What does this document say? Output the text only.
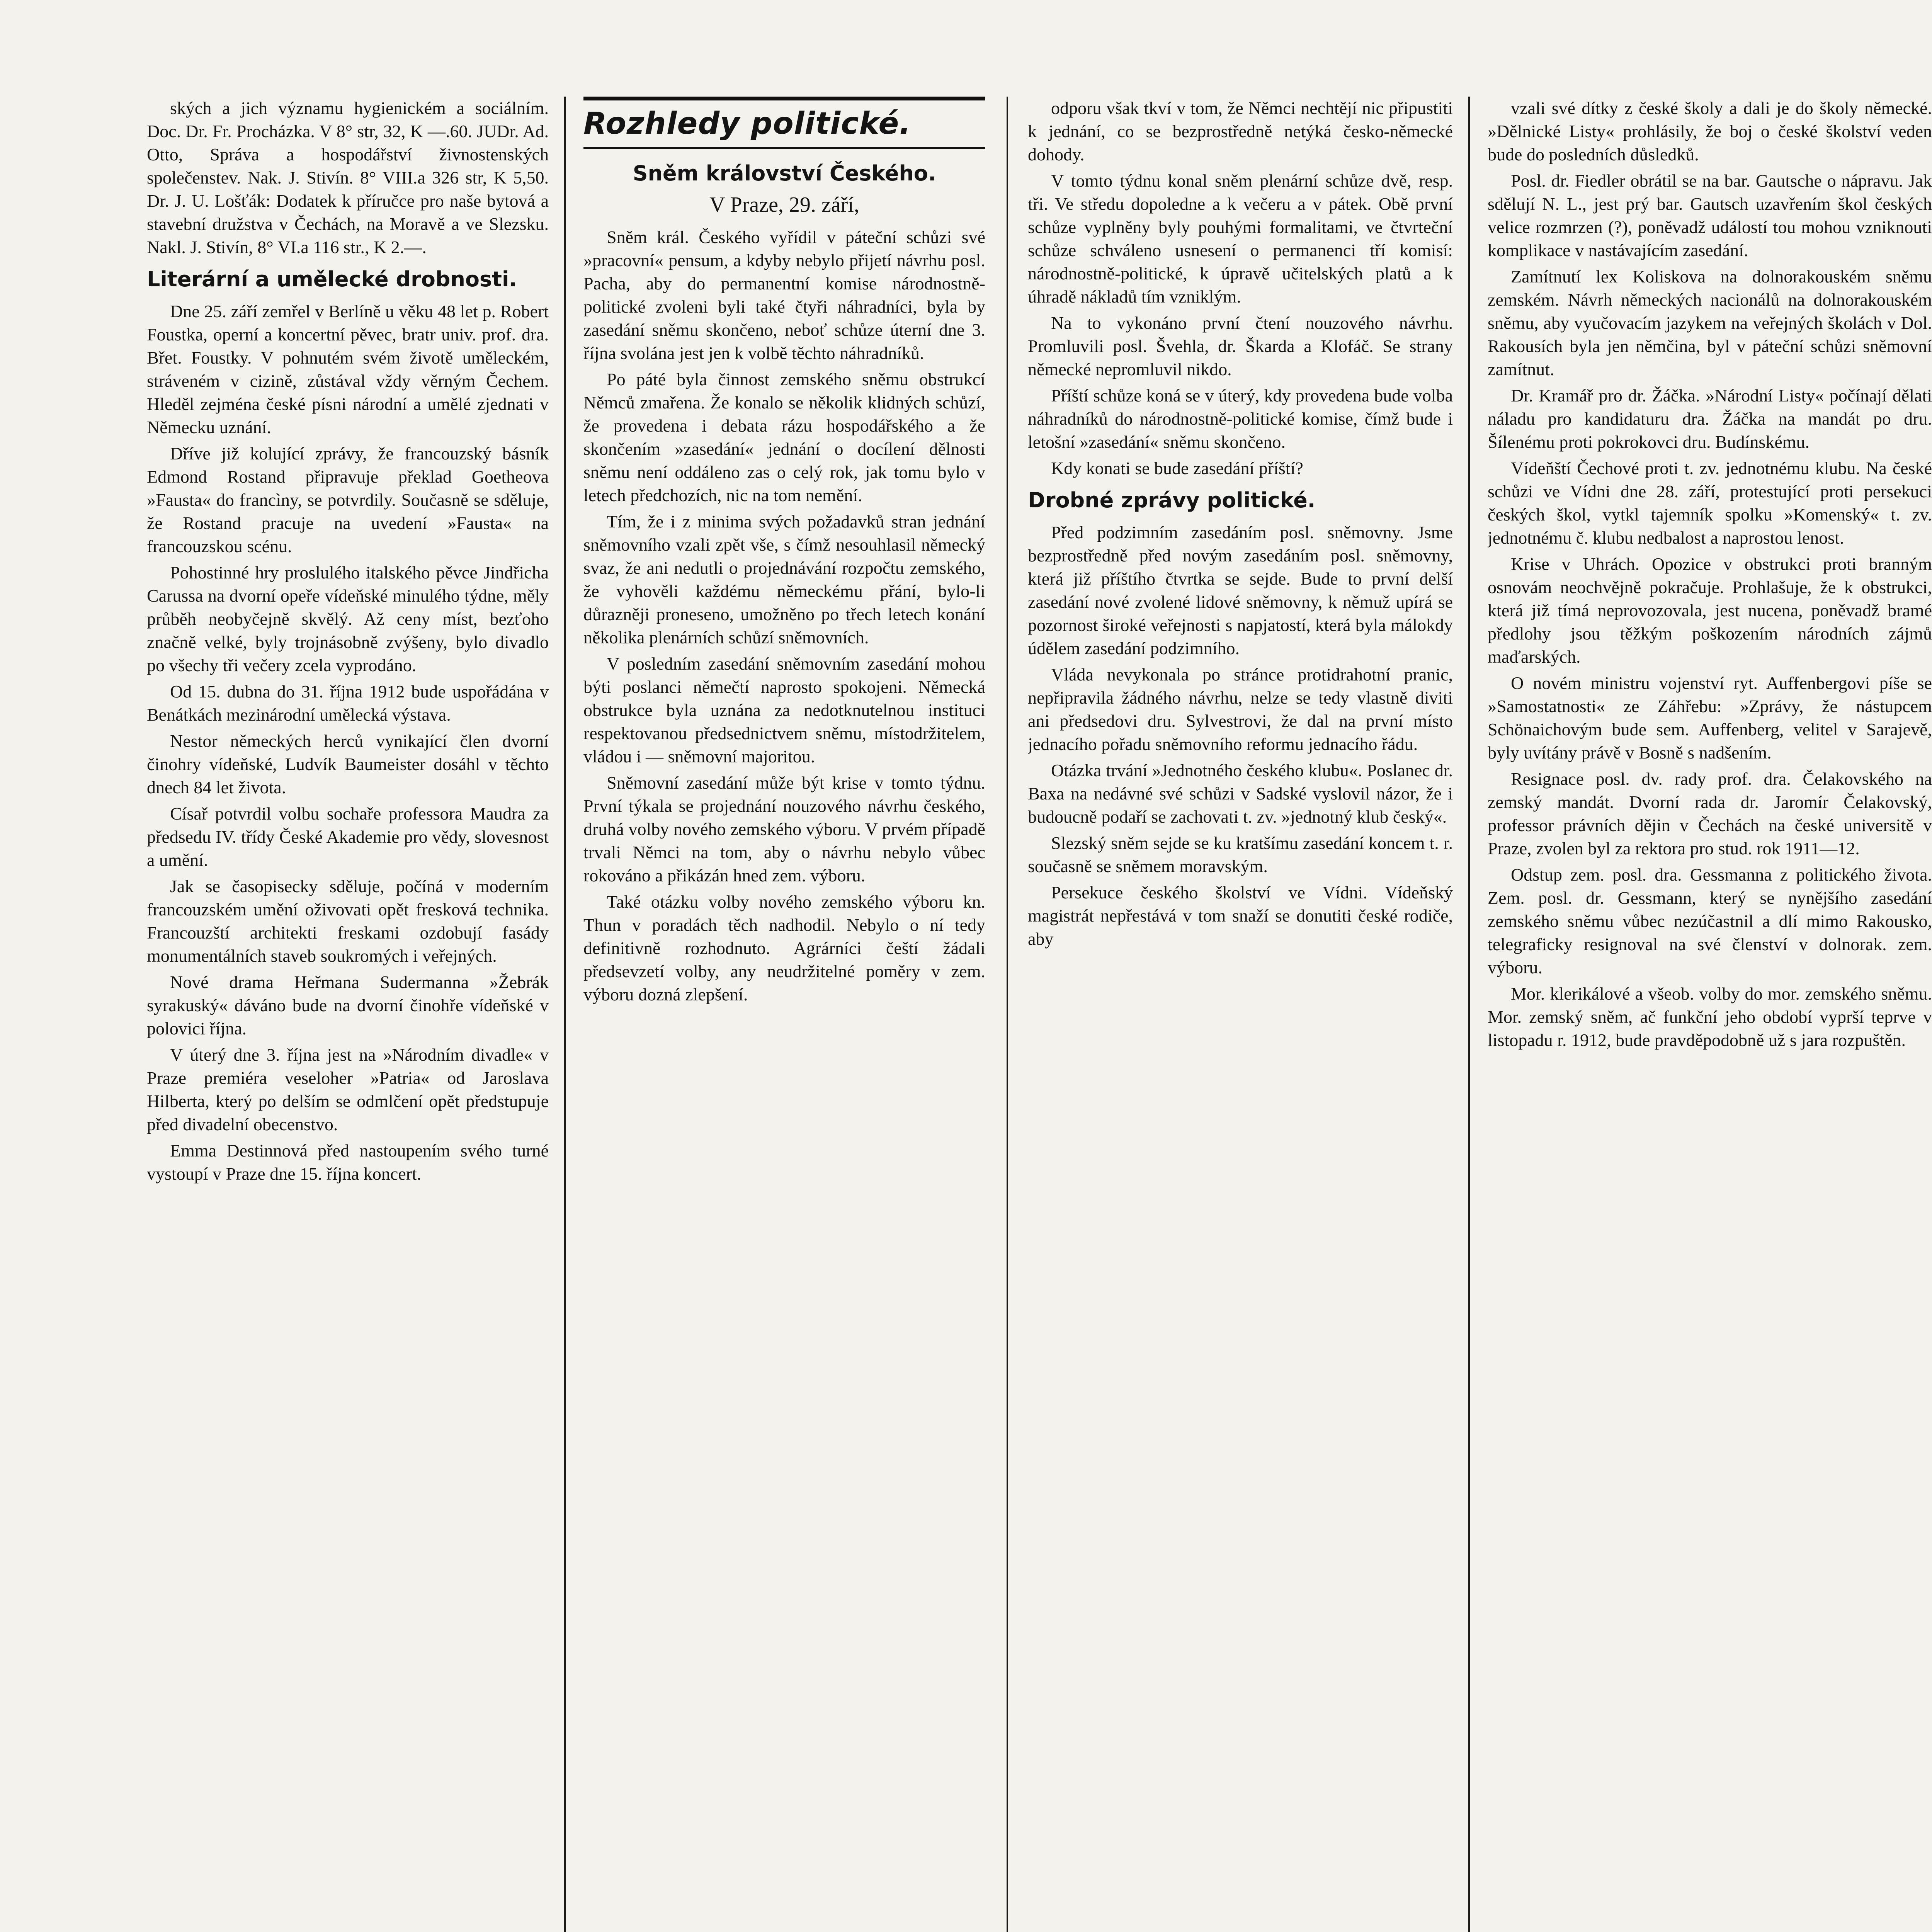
ských a jich významu hygienickém a sociálním. Doc. Dr. Fr. Procházka. V 8° str, 32, K —.60. JUDr. Ad. Otto, Správa a hospodářství živnostenských společenstev. Nak. J. Stivín. 8° VIII.a 326 str, K 5,50. Dr. J. U. Lošťák: Dodatek k příručce pro naše bytová a stavební družstva v Čechách, na Moravě a ve Slezsku. Nakl. J. Stivín, 8° VI.a 116 str., K 2.—.

Literární a umělecké drobnosti.

Dne 25. září zemřel v Berlíně u věku 48 let p. Robert Foustka, operní a koncertní pěvec, bratr univ. prof. dra. Břet. Foustky. V pohnutém svém životě uměleckém, stráveném v cizině, zůstával vždy věrným Čechem. Hleděl zejména české písni národní a umělé zjednati v Německu uznání.

Dříve již kolující zprávy, že francouzský básník Edmond Rostand připravuje překlad Goetheova »Fausta« do francìny, se potvrdily. Současně se sděluje, že Rostand pracuje na uvedení »Fausta« na francouzskou scénu.

Pohostinné hry proslulého italského pěvce Jindřicha Carussa na dvorní opeře vídeňské minulého týdne, měly průběh neobyčejně skvělý. Až ceny míst, bezťoho značně velké, byly trojnásobně zvýšeny, bylo divadlo po všechy tři večery zcela vyprodáno.

Od 15. dubna do 31. října 1912 bude uspořádána v Benátkách mezinárodní umělecká výstava.

Nestor německých herců vynikající člen dvorní činohry vídeňské, Ludvík Baumeister dosáhl v těchto dnech 84 let života.

Císař potvrdil volbu sochaře professora Maudra za předsedu IV. třídy České Akademie pro vědy, slovesnost a umění.

Jak se časopisecky sděluje, počíná v moderním francouzském umění oživovati opět fresková technika. Francouzští architekti freskami ozdobují fasády monumentálních staveb soukromých i veřejných.

Nové drama Heřmana Sudermanna »Žebrák syrakuský« dáváno bude na dvorní činohře vídeňské v polovici října.

V úterý dne 3. října jest na »Národním divadle« v Praze premiéra veseloher »Patria« od Jaroslava Hilberta, který po delším se odmlčení opět předstupuje před divadelní obecenstvo.

Emma Destinnová před nastoupením svého turné vystoupí v Praze dne 15. října koncert.

Rozhledy politické.
Sněm království Českého.
V Praze, 29. září,

Sněm král. Českého vyřídil v páteční schůzi své »pracovní« pensum, a kdyby nebylo přijetí návrhu posl. Pacha, aby do permanentní komise národnostně-politické zvoleni byli také čtyři náhradníci, byla by zasedání sněmu skončeno, neboť schůze úterní dne 3. října svolána jest jen k volbě těchto náhradníků.

Po páté byla činnost zemského sněmu obstrukcí Němců zmařena. Že konalo se několik klidných schůzí, že provedena i debata rázu hospodářského a že skončením »zasedání« jednání o docílení dělnosti sněmu není oddáleno zas o celý rok, jak tomu bylo v letech předchozích, nic na tom nemění.

Tím, že i z minima svých požadavků stran jednání sněmovního vzali zpět vše, s čímž nesouhlasil německý svaz, že ani nedutli o projednávání rozpočtu zemského, že vyhověli každému německému přání, bylo-li důrazněji proneseno, umožněno po třech letech konání několika plenárních schůzí sněmovních.

V posledním zasedání sněmovním zasedání mohou býti poslanci němečtí naprosto spokojeni. Německá obstrukce byla uznána za nedotknutelnou instituci respektovanou předsednictvem sněmu, místodržitelem, vládou i — sněmovní majoritou.

Sněmovní zasedání může být krise v tomto týdnu. První týkala se projednání nouzového návrhu českého, druhá volby nového zemského výboru. V prvém případě trvali Němci na tom, aby o návrhu nebylo vůbec rokováno a přikázán hned zem. výboru.

Také otázku volby nového zemského výboru kn. Thun v poradách těch nadhodil. Nebylo o ní tedy definitivně rozhodnuto. Agrárníci čeští žádali předsevzetí volby, any neudržitelné poměry v zem. výboru dozná zlepšení.

odporu však tkví v tom, že Němci nechtějí nic připustiti k jednání, co se bezprostředně netýká česko-německé dohody.

V tomto týdnu konal sněm plenární schůze dvě, resp. tři. Ve středu dopoledne a k večeru a v pátek. Obě první schůze vyplněny byly pouhými formalitami, ve čtvrteční schůze schváleno usnesení o permanenci tří komisí: národnostně-politické, k úpravě učitelských platů a k úhradě nákladů tím vzniklým.

Na to vykonáno první čtení nouzového návrhu. Promluvili posl. Švehla, dr. Škarda a Klofáč. Se strany německé nepromluvil nikdo.

Příští schůze koná se v úterý, kdy provedena bude volba náhradníků do národnostně-politické komise, čímž bude i letošní »zasedání« sněmu skončeno.

Kdy konati se bude zasedání příští?

Drobné zprávy politické.

Před podzimním zasedáním posl. sněmovny. Jsme bezprostředně před novým zasedáním posl. sněmovny, která již příštího čtvrtka se sejde. Bude to první delší zasedání nové zvolené lidové sněmovny, k němuž upírá se pozornost široké veřejnosti s napjatostí, která byla málokdy údělem zasedání podzimního.

Vláda nevykonala po stránce protidrahotní pranic, nepřipravila žádného návrhu, nelze se tedy vlastně diviti ani předsedovi dru. Sylvestrovi, že dal na první místo jednacího pořadu sněmovního reformu jednacího řádu.

Otázka trvání »Jednotného českého klubu«. Poslanec dr. Baxa na nedávné své schůzi v Sadské vyslovil názor, že i budoucně podaří se zachovati t. zv. »jednotný klub český«.

Slezský sněm sejde se ku kratšímu zasedání koncem t. r. současně se sněmem moravským.

Persekuce českého školství ve Vídni. Vídeňský magistrát nepřestává v tom snaží se donutiti české rodiče, aby

vzali své dítky z české školy a dali je do školy německé. »Dělnické Listy« prohlásily, že boj o české školství veden bude do posledních důsledků.

Posl. dr. Fiedler obrátil se na bar. Gautsche o nápravu. Jak sdělují N. L., jest prý bar. Gautsch uzavřením škol českých velice rozmrzen (?), poněvadž událostí tou mohou vzniknouti komplikace v nastávajícím zasedání.

Zamítnutí lex Koliskova na dolnorakouském sněmu zemském. Návrh německých nacionálů na dolnorakouském sněmu, aby vyučovacím jazykem na veřejných školách v Dol. Rakousích byla jen němčina, byl v páteční schůzi sněmovní zamítnut.

Dr. Kramář pro dr. Žáčka. »Národní Listy« počínají dělati náladu pro kandidaturu dra. Žáčka na mandát po dru. Šílenému proti pokrokovci dru. Budínskému.

Vídeňští Čechové proti t. zv. jednotnému klubu. Na české schůzi ve Vídni dne 28. září, protestující proti persekuci českých škol, vytkl tajemník spolku »Komenský« t. zv. jednotnému č. klubu nedbalost a naprostou lenost.

Krise v Uhrách. Opozice v obstrukci proti branným osnovám neochvějně pokračuje. Prohlašuje, že k obstrukci, která již tímá neprovozovala, jest nucena, poněvadž bramé předlohy jsou těžkým poškozením národních zájmů maďarských.

O novém ministru vojenství ryt. Auffenbergovi píše se »Samostatnosti« ze Záhřebu: »Zprávy, že nástupcem Schönaichovým bude sem. Auffenberg, velitel v Sarajevě, byly uvítány právě v Bosně s nadšením.

Resignace posl. dv. rady prof. dra. Čelakovského na zemský mandát. Dvorní rada dr. Jaromír Čelakovský, professor právních dějin v Čechách na české universitě v Praze, zvolen byl za rektora pro stud. rok 1911—12.

Odstup zem. posl. dra. Gessmanna z politického života. Zem. posl. dr. Gessmann, který se nynějšího zasedání zemského sněmu vůbec nezúčastnil a dlí mimo Rakousko, telegraficky resignoval na své členství v dolnorak. zem. výboru.

Mor. klerikálové a všeob. volby do mor. zemského sněmu. Mor. zemský sněm, ač funkční jeho období vyprší teprve v listopadu r. 1912, bude pravděpodobně už s jara rozpuštěn.
